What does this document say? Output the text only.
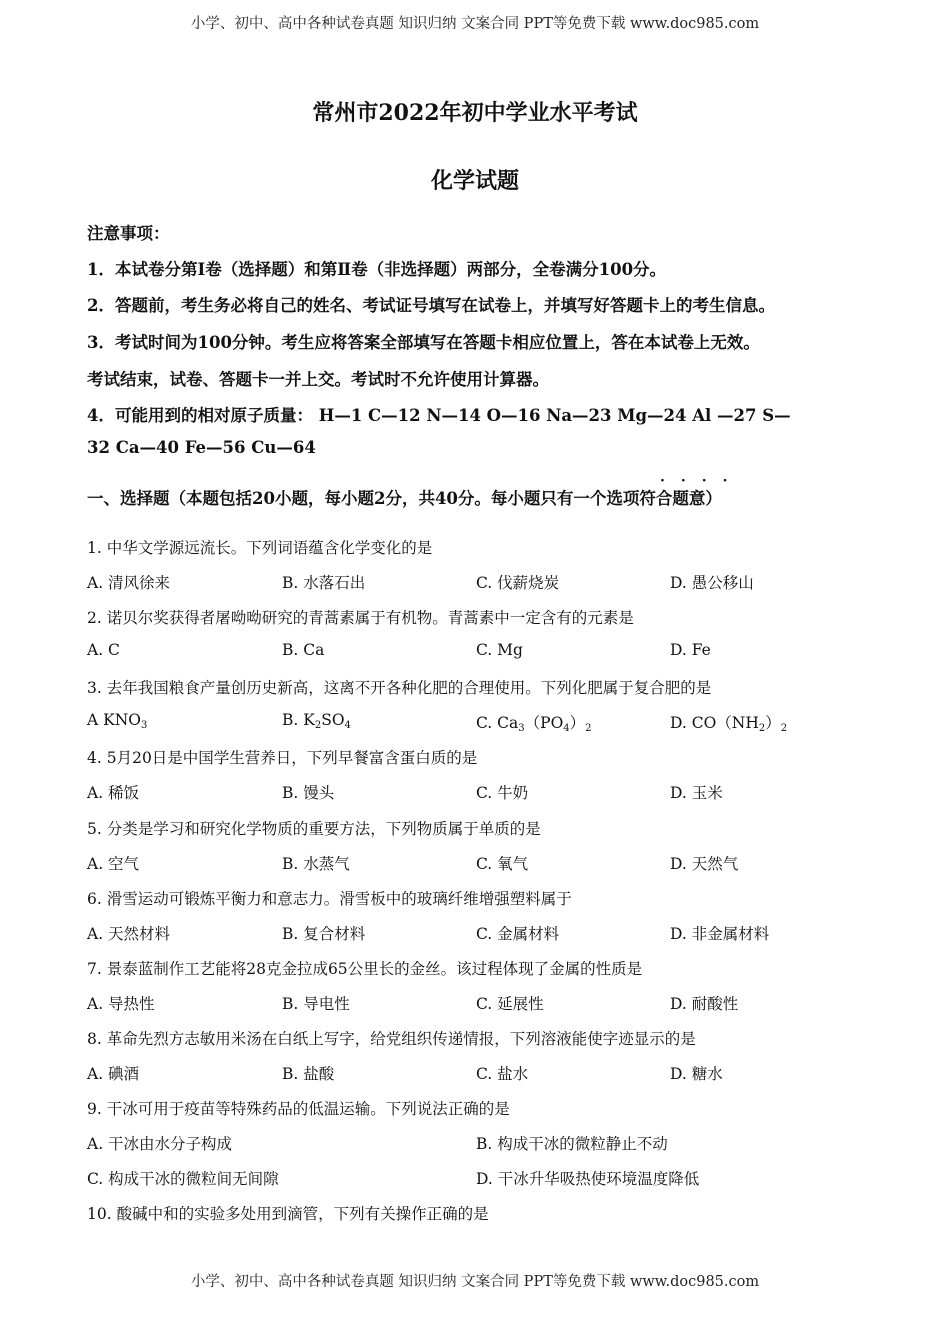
小学、初中、高中各种试卷真题 知识归纳 文案合同 PPT等免费下载 www.doc985.com
常州市2022年初中学业水平考试
化学试题
注意事项：
1．本试卷分第Ⅰ卷（选择题）和第Ⅱ卷（非选择题）两部分，全卷满分100分。
2．答题前，考生务必将自己的姓名、考试证号填写在试卷上，并填写好答题卡上的考生信息。
3．考试时间为100分钟。考生应将答案全部填写在答题卡相应位置上，答在本试卷上无效。
考试结束，试卷、答题卡一并上交。考试时不允许使用计算器。
4．可能用到的相对原子质量： H—1 C—12 N—14 O—16 Na—23 Mg—24 Al —27 S—
32 Ca—40 Fe—56 Cu—64
····
一、选择题（本题包括20小题，每小题2分，共40分。每小题只有一个选项符合题意）
1. 中华文学源远流长。下列词语蕴含化学变化的是
A. 清风徐来	B. 水落石出	C. 伐薪烧炭	D. 愚公移山
2. 诺贝尔奖获得者屠呦呦研究的青蒿素属于有机物。青蒿素中一定含有的元素是
A. C	B. Ca	C. Mg	D. Fe
3. 去年我国粮食产量创历史新高，这离不开各种化肥的合理使用。下列化肥属于复合肥的是
A $KNO_3$	B. $K_2SO_4$	C. $Ca_3(PO_4)_2$	D. $CO(NH_2)_2$
4. 5月20日是中国学生营养日，下列早餐富含蛋白质的是
A. 稀饭	B. 馒头	C. 牛奶	D. 玉米
5. 分类是学习和研究化学物质的重要方法，下列物质属于单质的是
A. 空气	B. 水蒸气	C. 氧气	D. 天然气
6. 滑雪运动可锻炼平衡力和意志力。滑雪板中的玻璃纤维增强塑料属于
A. 天然材料	B. 复合材料	C. 金属材料	D. 非金属材料
7. 景泰蓝制作工艺能将28克金拉成65公里长的金丝。该过程体现了金属的性质是
A. 导热性	B. 导电性	C. 延展性	D. 耐酸性
8. 革命先烈方志敏用米汤在白纸上写字，给党组织传递情报，下列溶液能使字迹显示的是
A. 碘酒	B. 盐酸	C. 盐水	D. 糖水
9. 干冰可用于疫苗等特殊药品的低温运输。下列说法正确的是
A. 干冰由水分子构成	B. 构成干冰的微粒静止不动
C. 构成干冰的微粒间无间隙	D. 干冰升华吸热使环境温度降低
10. 酸碱中和的实验多处用到滴管，下列有关操作正确的是
小学、初中、高中各种试卷真题 知识归纳 文案合同 PPT等免费下载 www.doc985.com
